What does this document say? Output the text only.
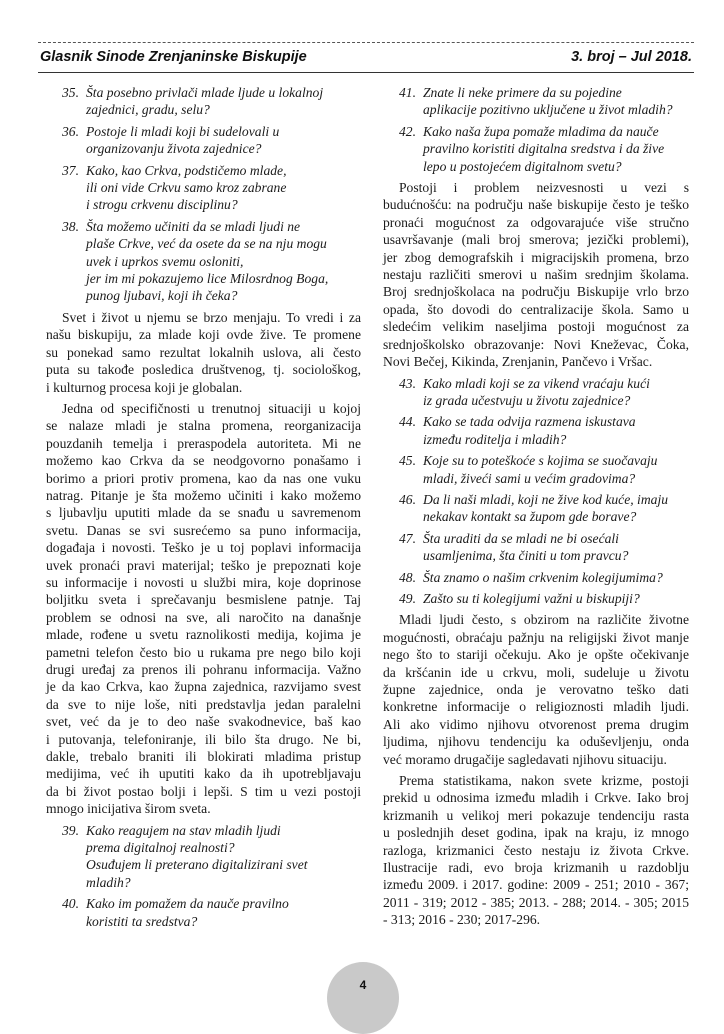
Glasnik Sinode Zrenjaninske Biskupije	3. broj – Jul 2018.
35. Šta posebno privlači mlade ljude u lokalnoj
zajednici, gradu, selu?
36. Postoje li mladi koji bi sudelovali u
organizovanju života zajednice?
37. Kako, kao Crkva, podstičemo mlade,
ili oni vide Crkvu samo kroz zabrane
i strogu crkvenu disciplinu?
38. Šta možemo učiniti da se mladi ljudi ne
plaše Crkve, već da osete da se na nju mogu
uvek i uprkos svemu osloniti,
jer im mi pokazujemo lice Milosrdnog Boga,
punog ljubavi, koji ih čeka?
Svet i život u njemu se brzo menjaju. To vredi i za
našu biskupiju, za mlade koji ovde žive. Te promene
su ponekad samo rezultat lokalnih uslova, ali često
puta su takođe posledica društvenog, tj. sociološkog,
i kulturnog procesa koji je globalan.
Jedna od specifičnosti u trenutnoj situaciji u kojoj
se nalaze mladi je stalna promena, reorganizacija
pouzdanih temelja i preraspodela autoriteta. Mi ne
možemo kao Crkva da se neodgovorno ponašamo i
borimo a priori protiv promena, kao da nas one vuku
natrag. Pitanje je šta možemo učiniti i kako možemo
s ljubavlju uputiti mlade da se snađu u savremenom
svetu. Danas se svi susrećemo sa puno informacija,
događaja i novosti. Teško je u toj poplavi informacija
uvek pronaći pravi materijal; teško je prepoznati koje
su informacije i novosti u službi mira, koje doprinose
boljitku sveta i sprečavanju besmislene patnje. Taj
problem se odnosi na sve, ali naročito na današnje
mlade, rođene u svetu raznolikosti medija, kojima je
pametni telefon često bio u rukama pre nego bilo koji
drugi uređaj za prenos ili pohranu informacija. Važno
je da kao Crkva, kao župna zajednica, razvijamo svest
da sve to nije loše, niti predstavlja jedan paralelni
svet, već da je to deo naše svakodnevice, baš kao
i putovanja, telefoniranje, ili bilo šta drugo. Ne bi,
dakle, trebalo braniti ili blokirati mladima pristup
medijima, već ih uputiti kako da ih upotrebljavaju
da bi život postao bolji i lepši. S tim u vezi postoji
mnogo inicijativa širom sveta.
39. Kako reagujem na stav mladih ljudi
prema digitalnoj realnosti?
Osuđujem li preterano digitalizirani svet
mladih?
40. Kako im pomažem da nauče pravilno
koristiti ta sredstva?
41. Znate li neke primere da su pojedine
aplikacije pozitivno uključene u život mladih?
42. Kako naša župa pomaže mladima da nauče
pravilno koristiti digitalna sredstva i da žive
lepo u postojećem digitalnom svetu?
Postoji i problem neizvesnosti u vezi s
budućnošću: na području naše biskupije često je teško
pronaći mogućnost za odgovarajuće više stručno
usavršavanje (mali broj smerova; jezički problemi),
jer zbog demografskih i migracijskih promena, brzo
nestaju različiti smerovi u našim srednjim školama.
Broj srednjoškolaca na području Biskupije vrlo brzo
opada, što dovodi do centralizacije škola. Samo u
sledećim velikim naseljima postoji mogućnost za
srednjoškolsko obrazovanje: Novi Kneževac, Čoka,
Novi Bečej, Kikinda, Zrenjanin, Pančevo i Vršac.
43. Kako mladi koji se za vikend vraćaju kući
iz grada učestvuju u životu zajednice?
44. Kako se tada odvija razmena iskustava
između roditelja i mladih?
45. Koje su to poteškoće s kojima se suočavaju
mladi, živeći sami u većim gradovima?
46. Da li naši mladi, koji ne žive kod kuće, imaju
nekakav kontakt sa župom gde borave?
47. Šta uraditi da se mladi ne bi osećali
usamljenima, šta činiti u tom pravcu?
48. Šta znamo o našim crkvenim kolegijumima?
49. Zašto su ti kolegijumi važni u biskupiji?
Mladi ljudi često, s obzirom na različite životne
mogućnosti, obraćaju pažnju na religijski život manje
nego što to stariji očekuju. Ako je opšte očekivanje
da kršćanin ide u crkvu, moli, sudeluje u životu
župne zajednice, onda je verovatno teško dati
konkretne informacije o religioznosti mladih ljudi.
Ali ako vidimo njihovu otvorenost prema drugim
ljudima, njihovu tendenciju ka oduševljenju, onda
već moramo drugačije sagledavati njihovu situaciju.
Prema statistikama, nakon svete krizme, postoji
prekid u odnosima između mladih i Crkve. Iako broj
krizmanih u velikoj meri pokazuje tendenciju rasta
u poslednjih deset godina, ipak na kraju, iz mnogo
razloga, krizmanici često nestaju iz života Crkve.
Ilustracije radi, evo broja krizmanih u razdoblju
između 2009. i 2017. godine: 2009 - 251; 2010 - 367;
2011 - 319; 2012 - 385; 2013. - 288; 2014. - 305; 2015
- 313; 2016 - 230; 2017-296.
4
